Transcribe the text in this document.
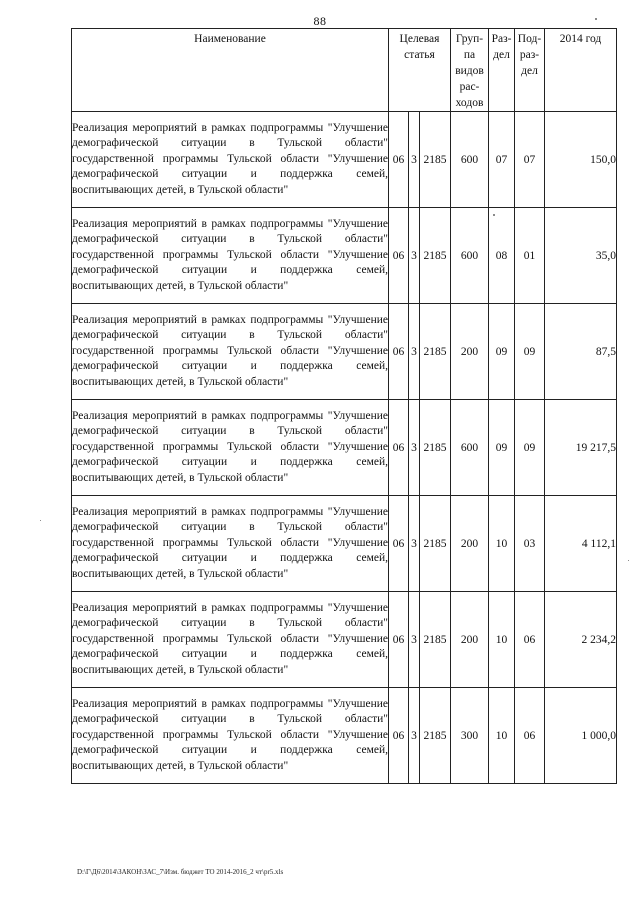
88
Наименование	Целевая статья			Груп-па видов рас-ходов	Раз-дел	Под-раз-дел	2014 год

Реализация мероприятий в рамках подпрограммы "Улучшение демографической ситуации в Тульской области" государственной программы Тульской области "Улучшение демографической ситуации и поддержка семей, воспитывающих детей, в Тульской области"	06	3	2185	600	07	07	150,0

Реализация мероприятий в рамках подпрограммы "Улучшение демографической ситуации в Тульской области" государственной программы Тульской области "Улучшение демографической ситуации и поддержка семей, воспитывающих детей, в Тульской области"	06	3	2185	600	08	01	35,0

Реализация мероприятий в рамках подпрограммы "Улучшение демографической ситуации в Тульской области" государственной программы Тульской области "Улучшение демографической ситуации и поддержка семей, воспитывающих детей, в Тульской области"	06	3	2185	200	09	09	87,5

Реализация мероприятий в рамках подпрограммы "Улучшение демографической ситуации в Тульской области" государственной программы Тульской области "Улучшение демографической ситуации и поддержка семей, воспитывающих детей, в Тульской области"	06	3	2185	600	09	09	19 217,5

Реализация мероприятий в рамках подпрограммы "Улучшение демографической ситуации в Тульской области" государственной программы Тульской области "Улучшение демографической ситуации и поддержка семей, воспитывающих детей, в Тульской области"	06	3	2185	200	10	03	4 112,1

Реализация мероприятий в рамках подпрограммы "Улучшение демографической ситуации в Тульской области" государственной программы Тульской области "Улучшение демографической ситуации и поддержка семей, воспитывающих детей, в Тульской области"	06	3	2185	200	10	06	2 234,2

Реализация мероприятий в рамках подпрограммы "Улучшение демографической ситуации в Тульской области" государственной программы Тульской области "Улучшение демографической ситуации и поддержка семей, воспитывающих детей, в Тульской области"	06	3	2185	300	10	06	1 000,0
D:\Г\Д6\2014\ЗАКОН\ЗАС_7\Изм. бюджет ТО 2014-2016_2 чт\pr5.xls
